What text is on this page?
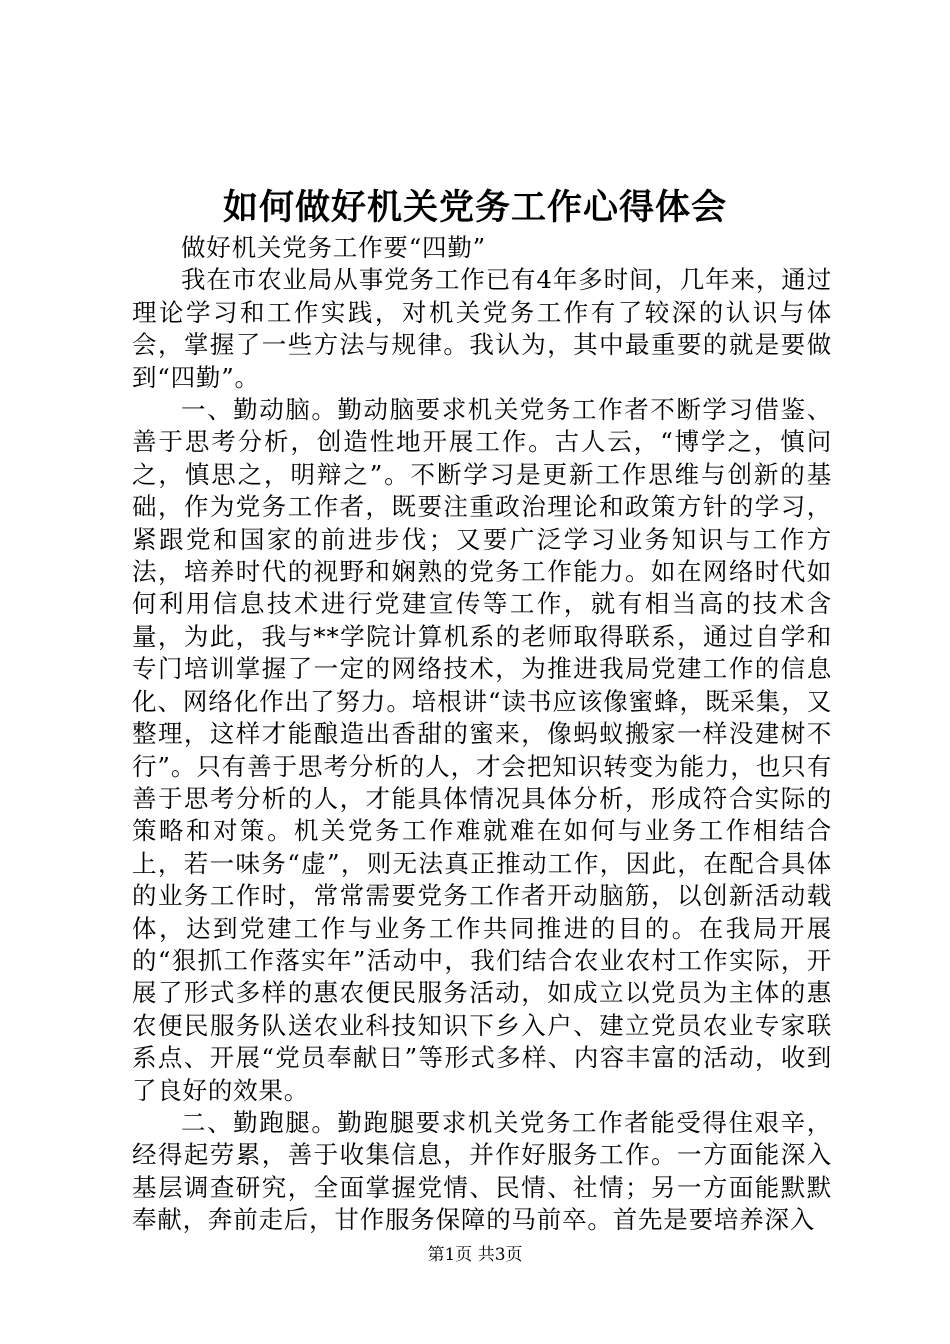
如何做好机关党务工作心得体会

做好机关党务工作要“四勤”

我在市农业局从事党务工作已有4年多时间，几年来，通过理论学习和工作实践，对机关党务工作有了较深的认识与体会，掌握了一些方法与规律。我认为，其中最重要的就是要做到“四勤”。

一、勤动脑。勤动脑要求机关党务工作者不断学习借鉴、善于思考分析，创造性地开展工作。古人云，“博学之，慎问之，慎思之，明辩之”。不断学习是更新工作思维与创新的基础，作为党务工作者，既要注重政治理论和政策方针的学习，紧跟党和国家的前进步伐；又要广泛学习业务知识与工作方法，培养时代的视野和娴熟的党务工作能力。如在网络时代如何利用信息技术进行党建宣传等工作，就有相当高的技术含量，为此，我与**学院计算机系的老师取得联系，通过自学和专门培训掌握了一定的网络技术，为推进我局党建工作的信息化、网络化作出了努力。培根讲“读书应该像蜜蜂，既采集，又整理，这样才能酿造出香甜的蜜来，像蚂蚁搬家一样没建树不行”。只有善于思考分析的人，才会把知识转变为能力，也只有善于思考分析的人，才能具体情况具体分析，形成符合实际的策略和对策。机关党务工作难就难在如何与业务工作相结合上，若一味务“虚”，则无法真正推动工作，因此，在配合具体的业务工作时，常常需要党务工作者开动脑筋，以创新活动载体，达到党建工作与业务工作共同推进的目的。在我局开展的“狠抓工作落实年”活动中，我们结合农业农村工作实际，开展了形式多样的惠农便民服务活动，如成立以党员为主体的惠农便民服务队送农业科技知识下乡入户、建立党员农业专家联系点、开展“党员奉献日”等形式多样、内容丰富的活动，收到了良好的效果。

二、勤跑腿。勤跑腿要求机关党务工作者能受得住艰辛，经得起劳累，善于收集信息，并作好服务工作。一方面能深入基层调查研究，全面掌握党情、民情、社情；另一方面能默默奉献，奔前走后，甘作服务保障的马前卒。首先是要培养深入

第1页 共3页
